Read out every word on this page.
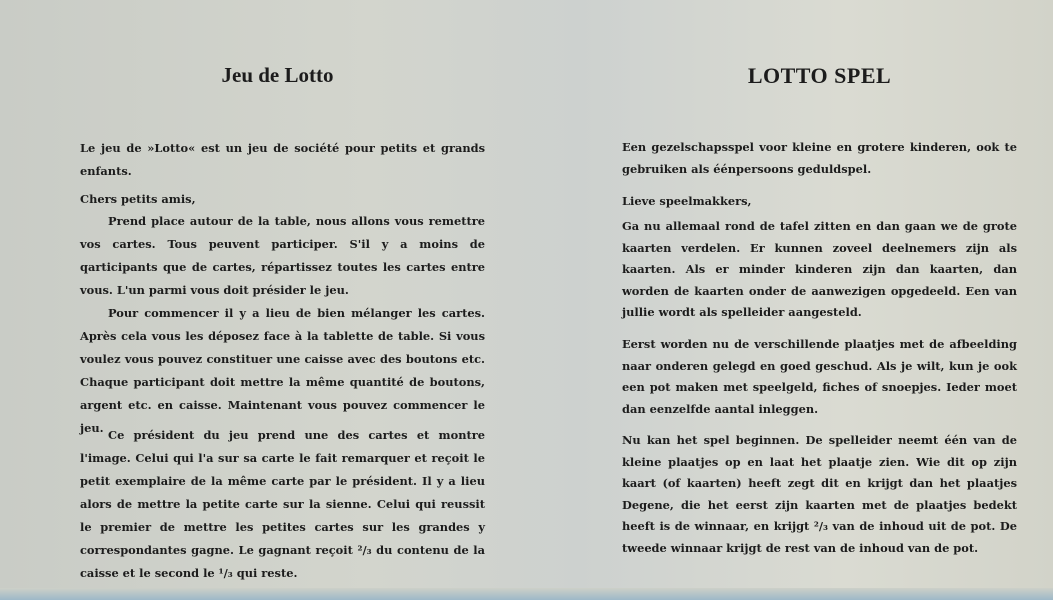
Jeu de Lotto

Le jeu de »Lotto« est un jeu de société pour petits et grands enfants.

Chers petits amis,

Prend place autour de la table, nous allons vous remettre vos cartes. Tous peuvent participer. S'il y a moins de qarticipants que de cartes, répartissez toutes les cartes entre vous. L'un parmi vous doit présider le jeu.

Pour commencer il y a lieu de bien mélanger les cartes. Après cela vous les déposez face à la tablette de table. Si vous voulez vous pouvez constituer une caisse avec des boutons etc. Chaque participant doit mettre la même quantité de boutons, argent etc. en caisse. Maintenant vous pouvez commencer le jeu. Ce président du jeu prend une des cartes et montre l'image. Celui qui l'a sur sa carte le fait remarquer et reçoit le petit exemplaire de la même carte par le président. Il y a lieu alors de mettre la petite carte sur la sienne. Celui qui reussit le premier de mettre les petites cartes sur les grandes y correspondantes gagne. Le gagnant reçoit ²/₃ du contenu de la caisse et le second le ¹/₃ qui reste.

LOTTO SPEL

Een gezelschapsspel voor kleine en grotere kinderen, ook te gebruiken als éénpersoons geduldspel.

Lieve speelmakkers,

Ga nu allemaal rond de tafel zitten en dan gaan we de grote kaarten verdelen. Er kunnen zoveel deelnemers zijn als kaarten. Als er minder kinderen zijn dan kaarten, dan worden de kaarten onder de aanwezigen opgedeeld. Een van jullie wordt als spelleider aangesteld.

Eerst worden nu de verschillende plaatjes met de afbeelding naar onderen gelegd en goed geschud. Als je wilt, kun je ook een pot maken met speelgeld, fiches of snoepjes. Ieder moet dan eenzelfde aantal inleggen.

Nu kan het spel beginnen. De spelleider neemt één van de kleine plaatjes op en laat het plaatje zien. Wie dit op zijn kaart (of kaarten) heeft zegt dit en krijgt dan het plaatjes Degene, die het eerst zijn kaarten met de plaatjes bedekt heeft is de winnaar, en krijgt ²/₃ van de inhoud uit de pot. De tweede winnaar krijgt de rest van de inhoud van de pot.
